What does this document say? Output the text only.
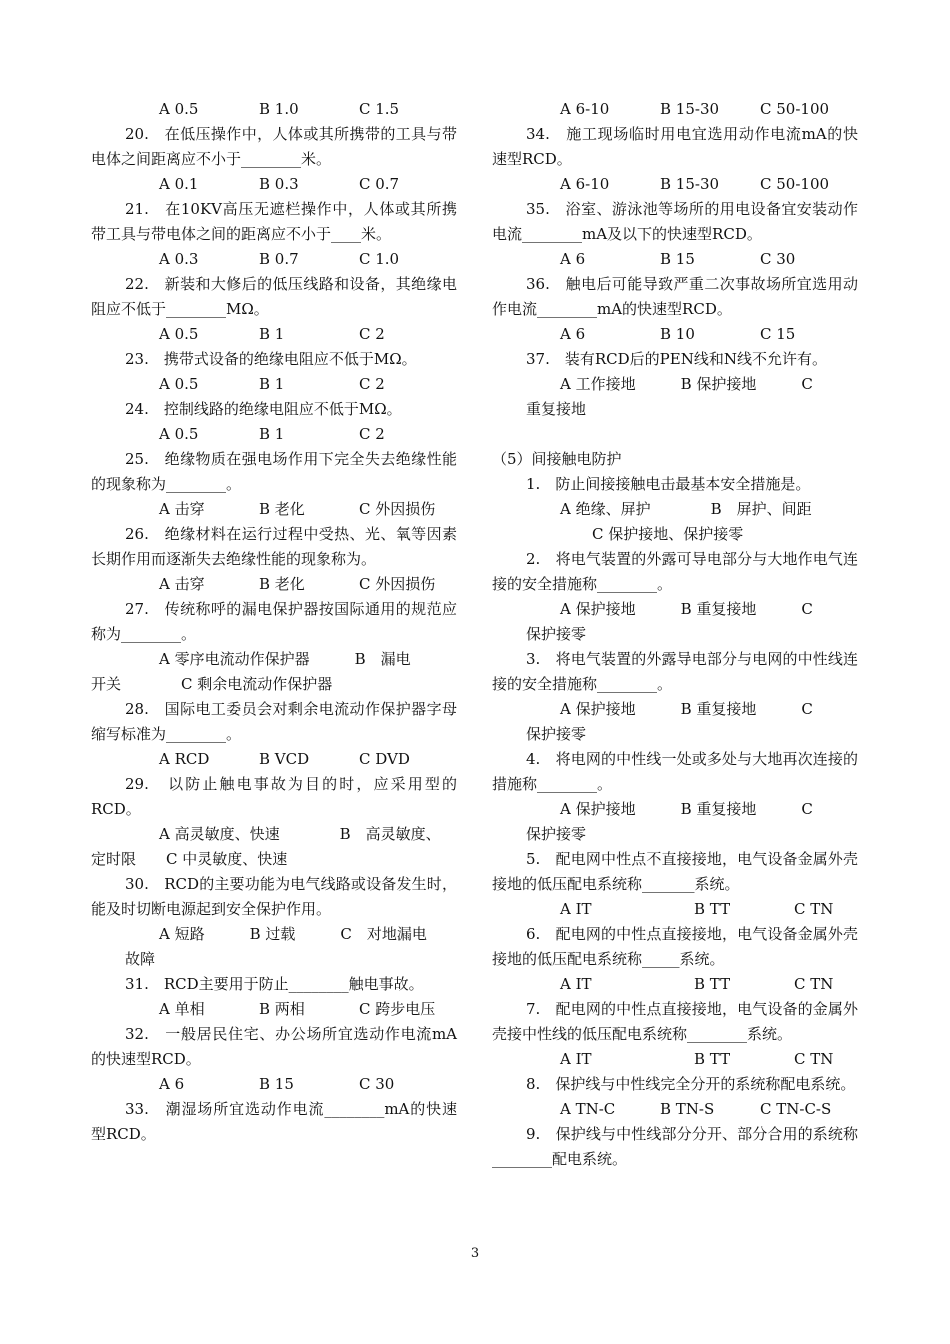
A 0.5	B 1.0	C 1.5

20.　 在低压操作中，人体或其所携带的工具与带电体之间距离应不小于________米。

A 0.1	B 0.3	C 0.7

21.　 在10KV高压无遮栏操作中，人体或其所携带工具与带电体之间的距离应不小于____米。

A 0.3	B 0.7	C 1.0

22.　 新装和大修后的低压线路和设备，其绝缘电阻应不低于________MΩ。

A 0.5	B 1	C 2

23.　 携带式设备的绝缘电阻应不低于MΩ。

A 0.5	B 1	C 2

24.　 控制线路的绝缘电阻应不低于MΩ。

A 0.5	B 1	C 2

25.　 绝缘物质在强电场作用下完全失去绝缘性能的现象称为________。

A 击穿	B 老化	C 外因损伤

26.　 绝缘材料在运行过程中受热、光、氧等因素长期作用而逐渐失去绝缘性能的现象称为。

A 击穿	B 老化	C 外因损伤

27.　 传统称呼的漏电保护器按国际通用的规范应称为________。

A 零序电流动作保护器　　　B　漏电

开关　　　　C 剩余电流动作保护器

28.　 国际电工委员会对剩余电流动作保护器字母缩写标准为________。

A RCD	B VCD	C DVD

29.　 以防止触电事故为目的时，应采用型的RCD。

A 高灵敏度、快速　　　　B　高灵敏度、

定时限　　C 中灵敏度、快速

30.　 RCD的主要功能为电气线路或设备发生时，能及时切断电源起到安全保护作用。

A 短路　　　B 过载　　　C　对地漏电

故障

31.　 RCD主要用于防止________触电事故。

A 单相	B 两相	C 跨步电压

32.　 一般居民住宅、办公场所宜选动作电流mA的快速型RCD。

A 6	B 15	C 30

33.　 潮湿场所宜选动作电流________mA的快速型RCD。

A 6-10	B 15-30	C 50-100

34.　 施工现场临时用电宜选用动作电流mA的快速型RCD。

A 6-10	B 15-30	C 50-100

35.　 浴室、游泳池等场所的用电设备宜安装动作电流________mA及以下的快速型RCD。

A 6	B 15	C 30

36.　 触电后可能导致严重二次事故场所宜选用动作电流________mA的快速型RCD。

A 6	B 10	C 15

37.　 装有RCD后的PEN线和N线不允许有。

A 工作接地　　　B 保护接地　　　C

重复接地

（5）间接触电防护

1.　 防止间接接触电击最基本安全措施是。

A 绝缘、屏护　　　　B　屏护、间距

C 保护接地、保护接零

2.　 将电气装置的外露可导电部分与大地作电气连接的安全措施称________。

A 保护接地　　　B 重复接地　　　C

保护接零

3.　 将电气装置的外露导电部分与电网的中性线连接的安全措施称________。

A 保护接地　　　B 重复接地　　　C

保护接零

4.　 将电网的中性线一处或多处与大地再次连接的措施称________。

A 保护接地　　　B 重复接地　　　C

保护接零

5.　 配电网中性点不直接接地，电气设备金属外壳接地的低压配电系统称_______系统。

A IT	B TT	C TN

6.　 配电网的中性点直接接地，电气设备金属外壳接地的低压配电系统称_____系统。

A IT	B TT	C TN

7.　 配电网的中性点直接接地，电气设备的金属外壳接中性线的低压配电系统称________系统。

A IT	B TT	C TN

8.　 保护线与中性线完全分开的系统称配电系统。

A TN-C	B TN-S	C TN-C-S

9.　 保护线与中性线部分分开、部分合用的系统称________配电系统。

3
